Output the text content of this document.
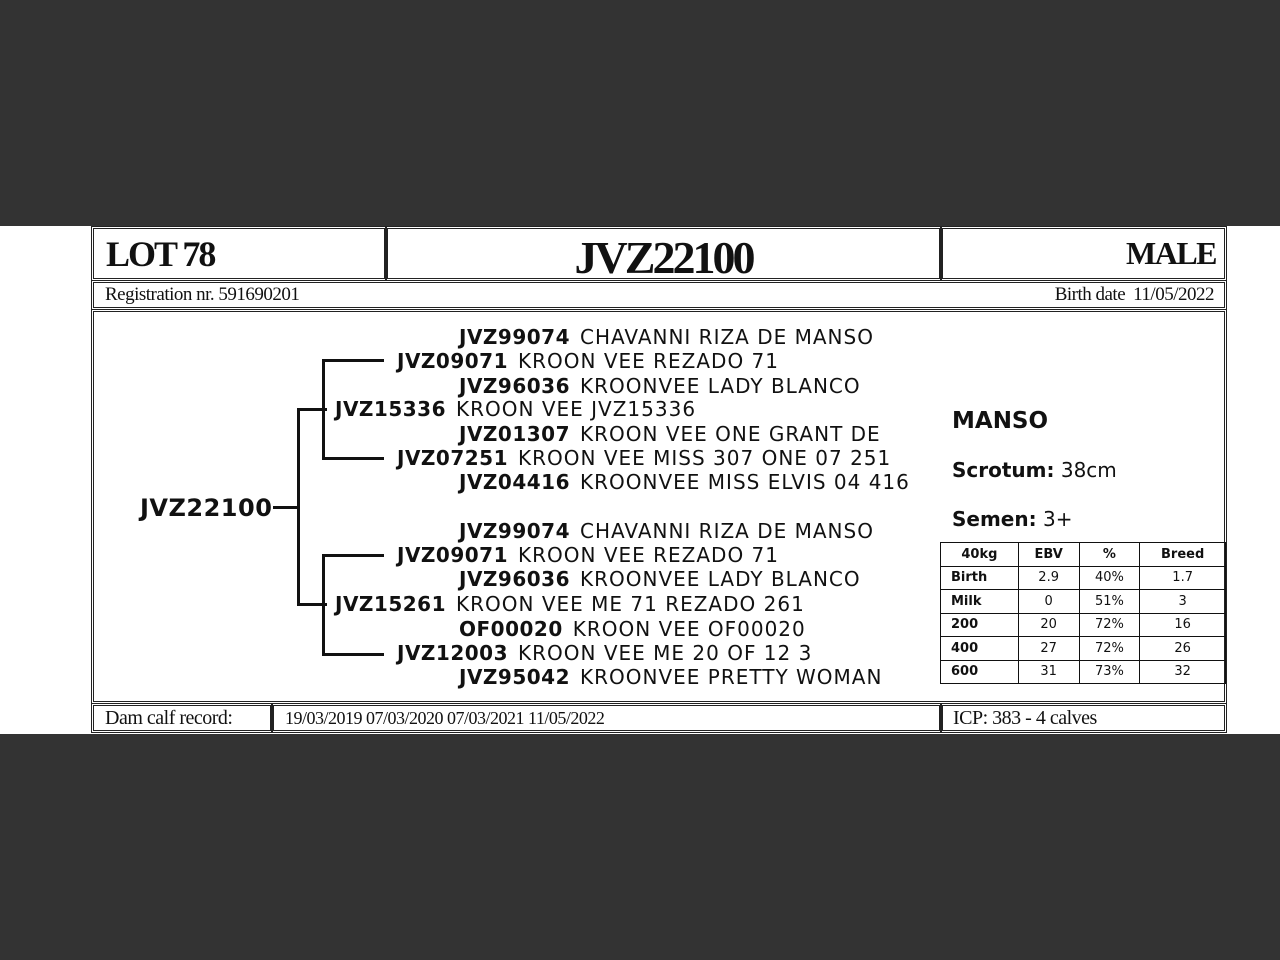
LOT 78	JVZ22100	MALE
Registration nr. 591690201	Birth date 11/05/2022
JVZ22100
JVZ99074 CHAVANNI RIZA DE MANSO
JVZ09071 KROON VEE REZADO 71
JVZ96036 KROONVEE LADY BLANCO
JVZ15336 KROON VEE JVZ15336
JVZ01307 KROON VEE ONE GRANT DE
JVZ07251 KROON VEE MISS 307 ONE 07 251
JVZ04416 KROONVEE MISS ELVIS 04 416
JVZ99074 CHAVANNI RIZA DE MANSO
JVZ09071 KROON VEE REZADO 71
JVZ96036 KROONVEE LADY BLANCO
JVZ15261 KROON VEE ME 71 REZADO 261
OF00020 KROON VEE OF00020
JVZ12003 KROON VEE ME 20 OF 12 3
JVZ95042 KROONVEE PRETTY WOMAN
MANSO
Scrotum: 38cm
Semen: 3+
40kg	EBV	%	Breed
Birth	2.9	40%	1.7
Milk	0	51%	3
200	20	72%	16
400	27	72%	26
600	31	73%	32
Dam calf record:	19/03/2019 07/03/2020 07/03/2021 11/05/2022	ICP: 383 - 4 calves
